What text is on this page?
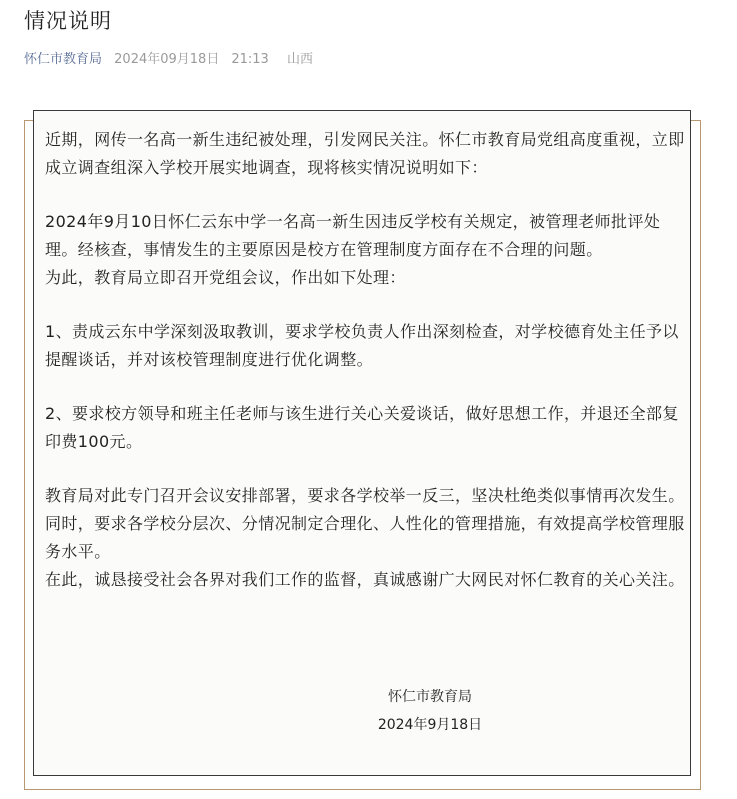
情况说明
怀仁市教育局 2024年09月18日 21:13 山西

近期，网传一名高一新生违纪被处理，引发网民关注。怀仁市教育局党组高度重视，立即成立调查组深入学校开展实地调查，现将核实情况说明如下：

2024年9月10日怀仁云东中学一名高一新生因违反学校有关规定，被管理老师批评处理。经核查，事情发生的主要原因是校方在管理制度方面存在不合理的问题。

为此，教育局立即召开党组会议，作出如下处理：

1、责成云东中学深刻汲取教训，要求学校负责人作出深刻检查，对学校德育处主任予以提醒谈话，并对该校管理制度进行优化调整。

2、要求校方领导和班主任老师与该生进行关心关爱谈话，做好思想工作，并退还全部复印费100元。

教育局对此专门召开会议安排部署，要求各学校举一反三，坚决杜绝类似事情再次发生。同时，要求各学校分层次、分情况制定合理化、人性化的管理措施，有效提高学校管理服务水平。

在此，诚恳接受社会各界对我们工作的监督，真诚感谢广大网民对怀仁教育的关心关注。

怀仁市教育局
2024年9月18日
